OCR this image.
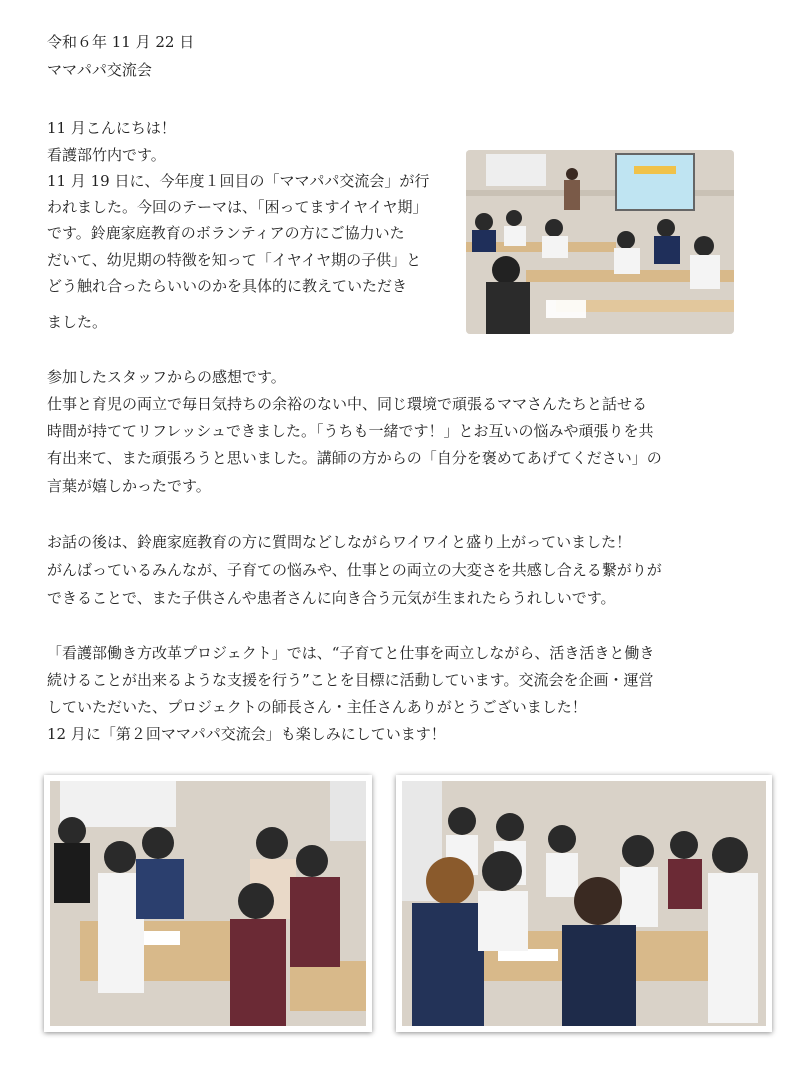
令和６年 11 月 22 日
ママパパ交流会
11 月こんにちは！
看護部竹内です。
11 月 19 日に、今年度１回目の「ママパパ交流会」が行
われました。今回のテーマは、「困ってますイヤイヤ期」
です。鈴鹿家庭教育のボランティアの方にご協力いた
だいて、幼児期の特徴を知って「イヤイヤ期の子供」と
どう触れ合ったらいいのかを具体的に教えていただき
ました。
参加したスタッフからの感想です。
仕事と育児の両立で毎日気持ちの余裕のない中、同じ環境で頑張るママさんたちと話せる
時間が持ててリフレッシュできました。「うちも一緒です！」とお互いの悩みや頑張りを共
有出来て、また頑張ろうと思いました。講師の方からの「自分を褒めてあげてください」の
言葉が嬉しかったです。
お話の後は、鈴鹿家庭教育の方に質問などしながらワイワイと盛り上がっていました！
がんばっているみんなが、子育ての悩みや、仕事との両立の大変さを共感し合える繋がりが
できることで、また子供さんや患者さんに向き合う元気が生まれたらうれしいです。
「看護部働き方改革プロジェクト」では、“子育てと仕事を両立しながら、活き活きと働き
続けることが出来るような支援を行う”ことを目標に活動しています。交流会を企画・運営
していただいた、プロジェクトの師長さん・主任さんありがとうございました！
12 月に「第２回ママパパ交流会」も楽しみにしています！
